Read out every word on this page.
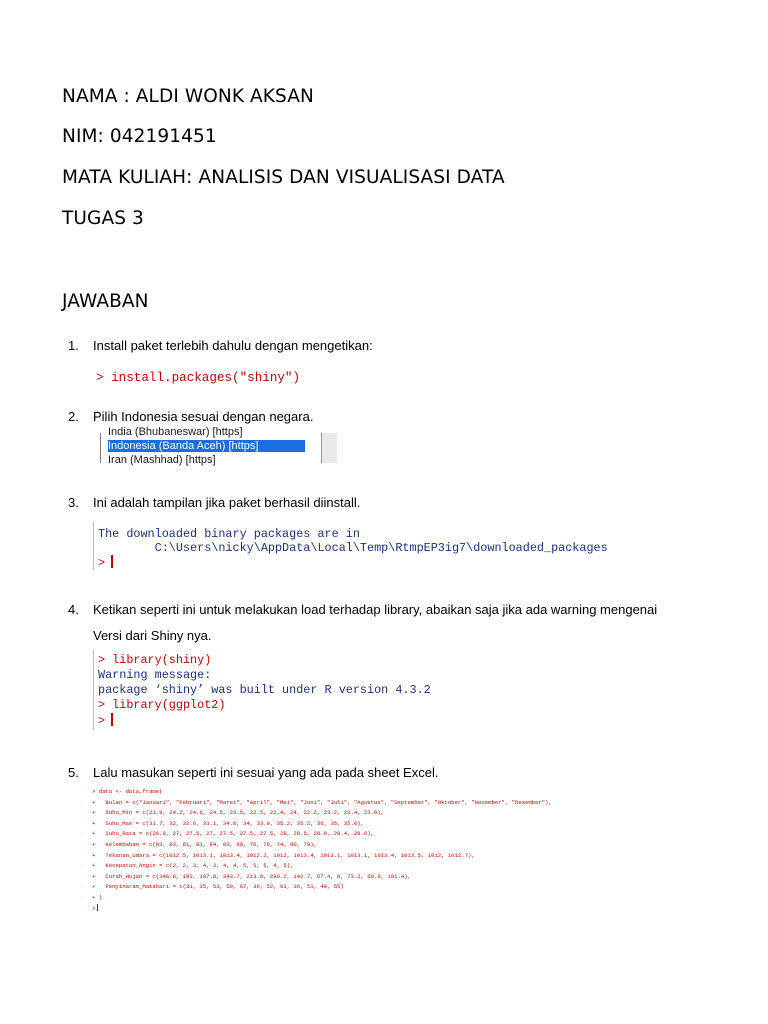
NAMA : ALDI WONK AKSAN

NIM: 042191451

MATA KULIAH: ANALISIS DAN VISUALISASI DATA

TUGAS 3

JAWABAN

1. Install paket terlebih dahulu dengan mengetikan:
> install.packages("shiny")
2. Pilih Indonesia sesuai dengan negara.
India (Bhubaneswar) [https]
Indonesia (Banda Aceh) [https]
Iran (Mashhad) [https]
3. Ini adalah tampilan jika paket berhasil diinstall.
The downloaded binary packages are in
C:\Users\nicky\AppData\Local\Temp\RtmpEP3ig7\downloaded_packages
>
4. Ketikan seperti ini untuk melakukan load terhadap library, abaikan saja jika ada warning mengenai
Versi dari Shiny nya.
> library(shiny)
Warning message:
package ‘shiny’ was built under R version 4.3.2
> library(ggplot2)
>
5. Lalu masukan seperti ini sesuai yang ada pada sheet Excel.
> data <- data.frame(
+   Bulan = c("Januari", "Februari", "Maret", "April", "Mei", "Juni", "Juli", "Agustus", "September", "Oktober", "November", "Desember"),
+   Suhu_Min = c(23.9, 24.2, 24.6, 24.5, 23.5, 22.5, 22.4, 24, 22.2, 23.2, 23.4, 23.6),
+   Suhu_Max = c(31.7, 32, 32.6, 33.1, 34.8, 34, 33.9, 35.2, 35.2, 36, 35, 35.6),
+   Suhu_Rata = c(26.9, 27, 27.5, 27, 27.5, 27.5, 27.5, 28, 28.5, 28.9, 28.4, 28.6),
+   Kelembaban = c(83, 83, 81, 81, 84, 83, 80, 76, 76, 74, 80, 79),
+   Tekanan_Udara = c(1012.5, 1013.1, 1013.4, 1012.2, 1012, 1013.4, 1013.1, 1013.1, 1013.4, 1013.5, 1012, 1012.7),
+   Kecepatan_Angin = c(2, 2, 3, 4, 3, 4, 4, 5, 5, 5, 4, 5),
+   Curah_Hujan = c(346.8, 193, 197.8, 343.7, 213.8, 299.2, 142.7, 67.4, 0, 73.2, 60.9, 191.4),
+   Penyinaran_Matahari = c(31, 35, 53, 50, 67, 36, 52, 61, 36, 51, 49, 55)
+ )
>
